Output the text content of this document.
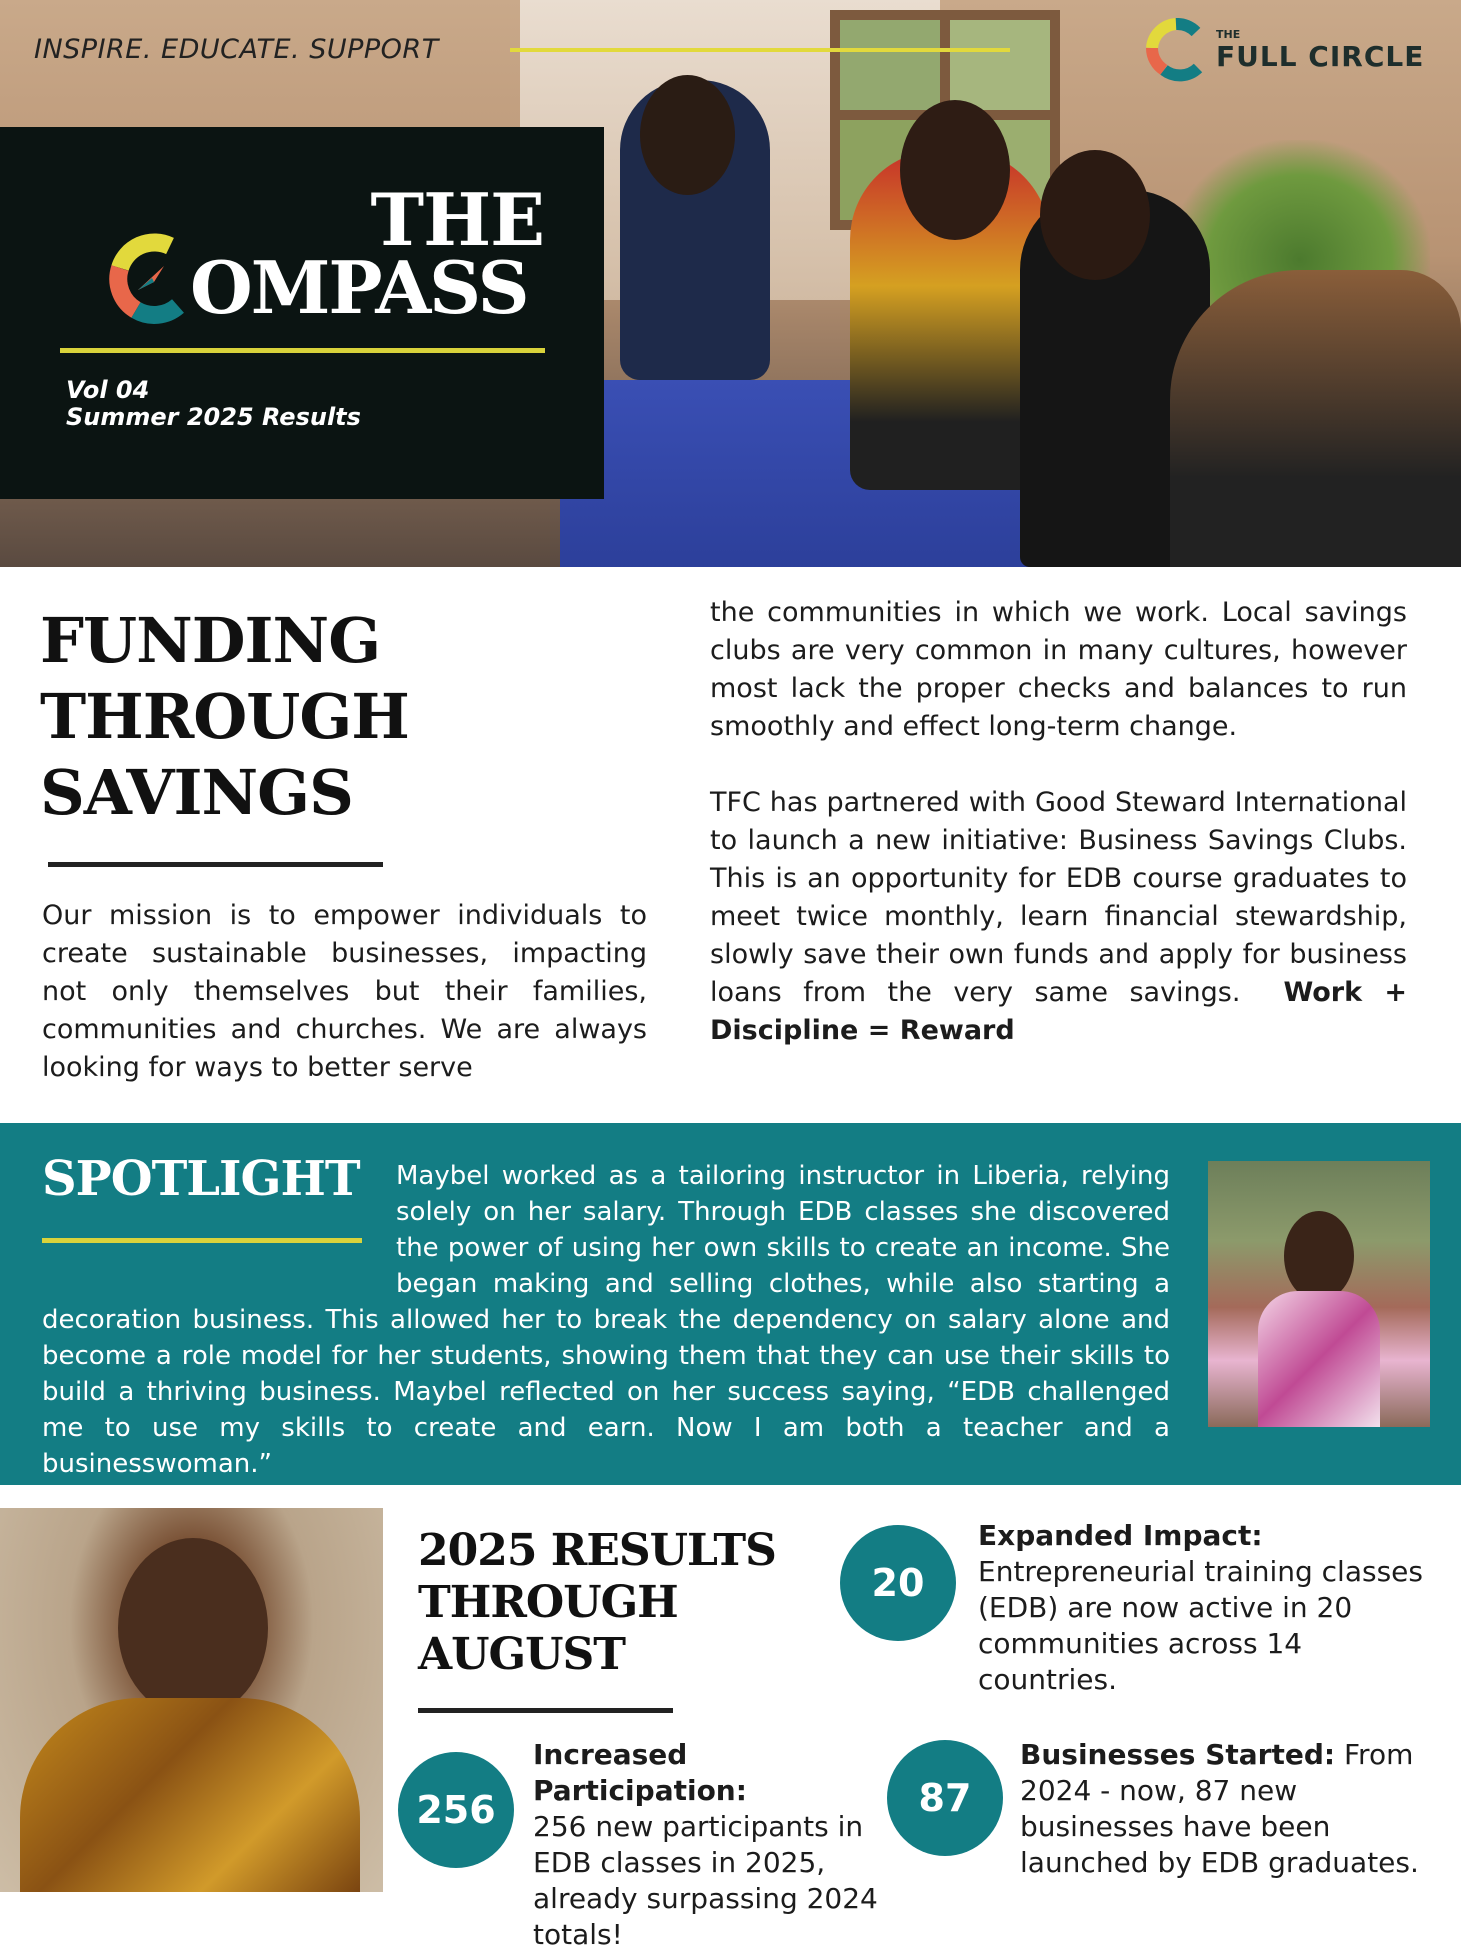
INSPIRE. EDUCATE. SUPPORT	THE
FULL CIRCLE
THE
OMPASS
Vol 04
Summer 2025 Results
FUNDING
THROUGH
SAVINGS
Our mission is to empower individuals to create sustainable businesses, impacting not only themselves but their families, communities and churches. We are always looking for ways to better serve

the communities in which we work. Local savings clubs are very common in many cultures, however most lack the proper checks and balances to run smoothly and effect long-term change.

TFC has partnered with Good Steward International to launch a new initiative: Business Savings Clubs. This is an opportunity for EDB course graduates to meet twice monthly, learn financial stewardship, slowly save their own funds and apply for business loans from the very same savings. Work + Discipline = Reward

Maybel worked as a tailoring instructor in Liberia, relying solely on her salary. Through EDB classes she discovered the power of using her own skills to create an income. She began making and selling clothes, while also starting a decoration business. This allowed her to break the dependency on salary alone and become a role model for her students, showing them that they can use their skills to build a thriving business. Maybel reflected on her success saying, “EDB challenged me to use my skills to create and earn. Now I am both a teacher and a businesswoman.”
SPOTLIGHT
2025 RESULTS
THROUGH
AUGUST
20
Expanded Impact:
Entrepreneurial training classes (EDB) are now active in 20 communities across 14 countries.
256
Increased Participation:
256 new participants in EDB classes in 2025, already surpassing 2024 totals!
87
Businesses Started: From 2024 - now, 87 new businesses have been launched by EDB graduates.
